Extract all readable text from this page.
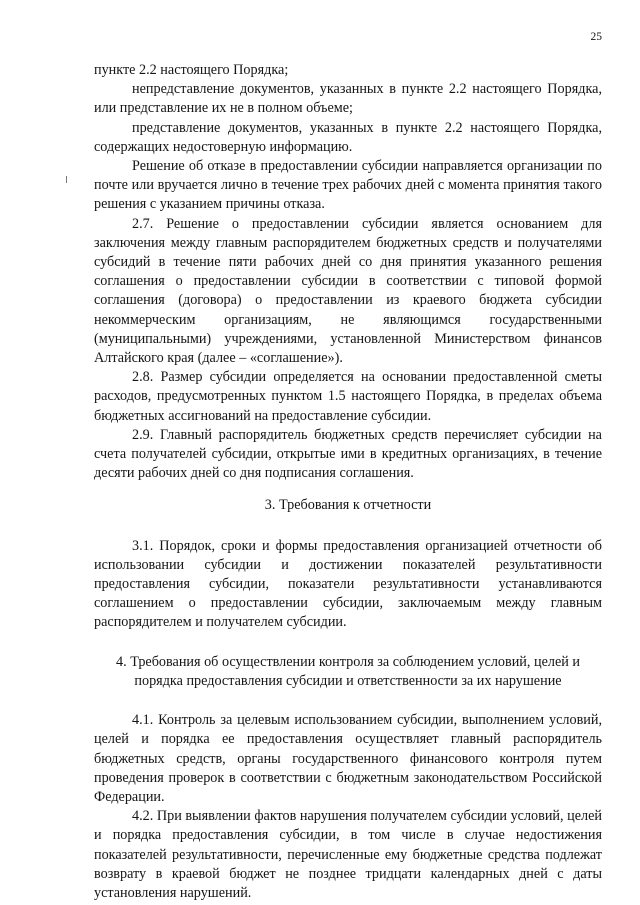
25

пункте 2.2 настоящего Порядка;

непредставление документов, указанных в пункте 2.2 настоящего Порядка, или представление их не в полном объеме;

представление документов, указанных в пункте 2.2 настоящего Порядка, содержащих недостоверную информацию.

Решение об отказе в предоставлении субсидии направляется организации по почте или вручается лично в течение трех рабочих дней с момента принятия такого решения с указанием причины отказа.

2.7. Решение о предоставлении субсидии является основанием для заключения между главным распорядителем бюджетных средств и получателями субсидий в течение пяти рабочих дней со дня принятия указанного решения соглашения о предоставлении субсидии в соответствии с типовой формой соглашения (договора) о предоставлении из краевого бюджета субсидии некоммерческим организациям, не являющимся государственными (муниципальными) учреждениями, установленной Министерством финансов Алтайского края (далее – «соглашение»).

2.8. Размер субсидии определяется на основании предоставленной сметы расходов, предусмотренных пунктом 1.5 настоящего Порядка, в пределах объема бюджетных ассигнований на предоставление субсидии.

2.9. Главный распорядитель бюджетных средств перечисляет субсидии на счета получателей субсидии, открытые ими в кредитных организациях, в течение десяти рабочих дней со дня подписания соглашения.

3. Требования к отчетности

3.1. Порядок, сроки и формы предоставления организацией отчетности об использовании субсидии и достижении показателей результативности предоставления субсидии, показатели результативности устанавливаются соглашением о предоставлении субсидии, заключаемым между главным распорядителем и получателем субсидии.

4. Требования об осуществлении контроля за соблюдением условий, целей и порядка предоставления субсидии и ответственности за их нарушение

4.1. Контроль за целевым использованием субсидии, выполнением условий, целей и порядка ее предоставления осуществляет главный распорядитель бюджетных средств, органы государственного финансового контроля путем проведения проверок в соответствии с бюджетным законодательством Российской Федерации.

4.2. При выявлении фактов нарушения получателем субсидии условий, целей и порядка предоставления субсидии, в том числе в случае недостижения показателей результативности, перечисленные ему бюджетные средства подлежат возврату в краевой бюджет не позднее тридцати календарных дней с даты установления нарушений.
